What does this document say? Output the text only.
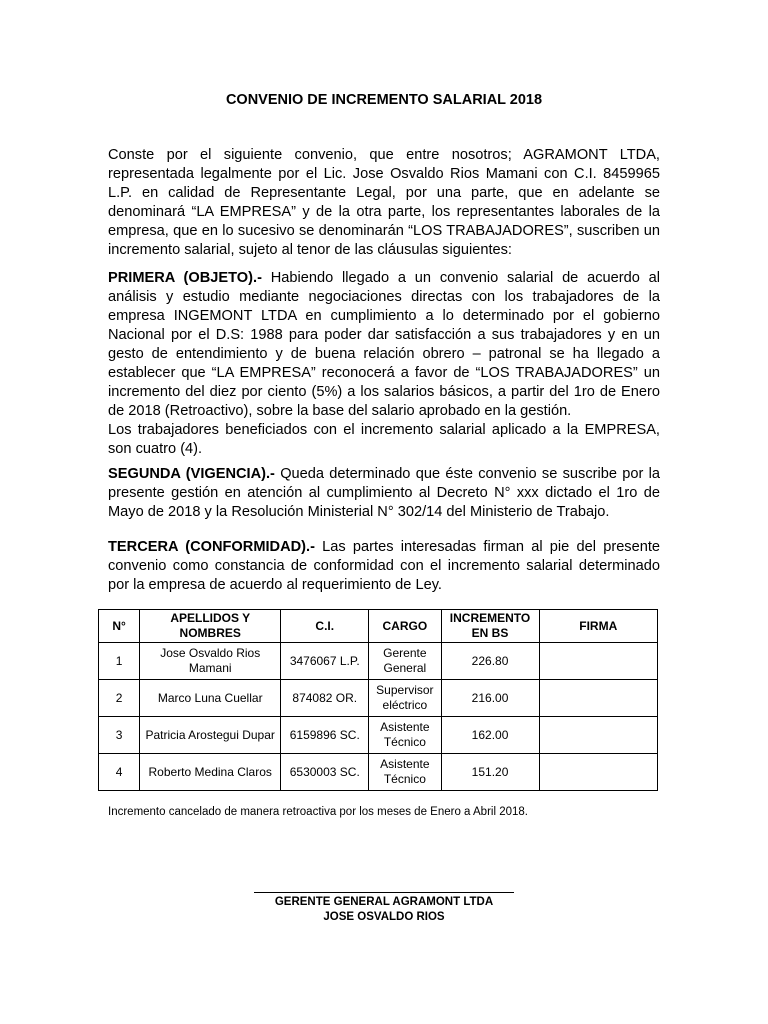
CONVENIO DE INCREMENTO SALARIAL 2018

Conste por el siguiente convenio, que entre nosotros; AGRAMONT LTDA, representada legalmente por el Lic. Jose Osvaldo Rios Mamani con C.I. 8459965 L.P. en calidad de Representante Legal, por una parte, que en adelante se denominará “LA EMPRESA” y de la otra parte, los representantes laborales de la empresa, que en lo sucesivo se denominarán “LOS TRABAJADORES”, suscriben un incremento salarial, sujeto al tenor de las cláusulas siguientes:

PRIMERA (OBJETO).- Habiendo llegado a un convenio salarial de acuerdo al análisis y estudio mediante negociaciones directas con los trabajadores de la empresa INGEMONT LTDA en cumplimiento a lo determinado por el gobierno Nacional por el D.S: 1988 para poder dar satisfacción a sus trabajadores y en un gesto de entendimiento y de buena relación obrero – patronal se ha llegado a establecer que “LA EMPRESA” reconocerá a favor de “LOS TRABAJADORES” un incremento del diez por ciento (5%) a los salarios básicos, a partir del 1ro de Enero de 2018 (Retroactivo), sobre la base del salario aprobado en la gestión.
Los trabajadores beneficiados con el incremento salarial aplicado a la EMPRESA, son cuatro (4).

SEGUNDA (VIGENCIA).- Queda determinado que éste convenio se suscribe por la presente gestión en atención al cumplimiento al Decreto N° xxx dictado el 1ro de Mayo de 2018 y la Resolución Ministerial N° 302/14 del Ministerio de Trabajo.

TERCERA (CONFORMIDAD).- Las partes interesadas firman al pie del presente convenio como constancia de conformidad con el incremento salarial determinado por la empresa de acuerdo al requerimiento de Ley.

N°	APELLIDOS Y NOMBRES	C.I.	CARGO	INCREMENTO EN BS	FIRMA
1	Jose Osvaldo Rios Mamani	3476067 L.P.	Gerente General	226.80	
2	Marco Luna Cuellar	874082 OR.	Supervisor eléctrico	216.00	
3	Patricia Arostegui Dupar	6159896 SC.	Asistente Técnico	162.00	
4	Roberto Medina Claros	6530003 SC.	Asistente Técnico	151.20	

Incremento cancelado de manera retroactiva por los meses de Enero a Abril 2018.

GERENTE GENERAL AGRAMONT LTDA

JOSE OSVALDO RIOS
